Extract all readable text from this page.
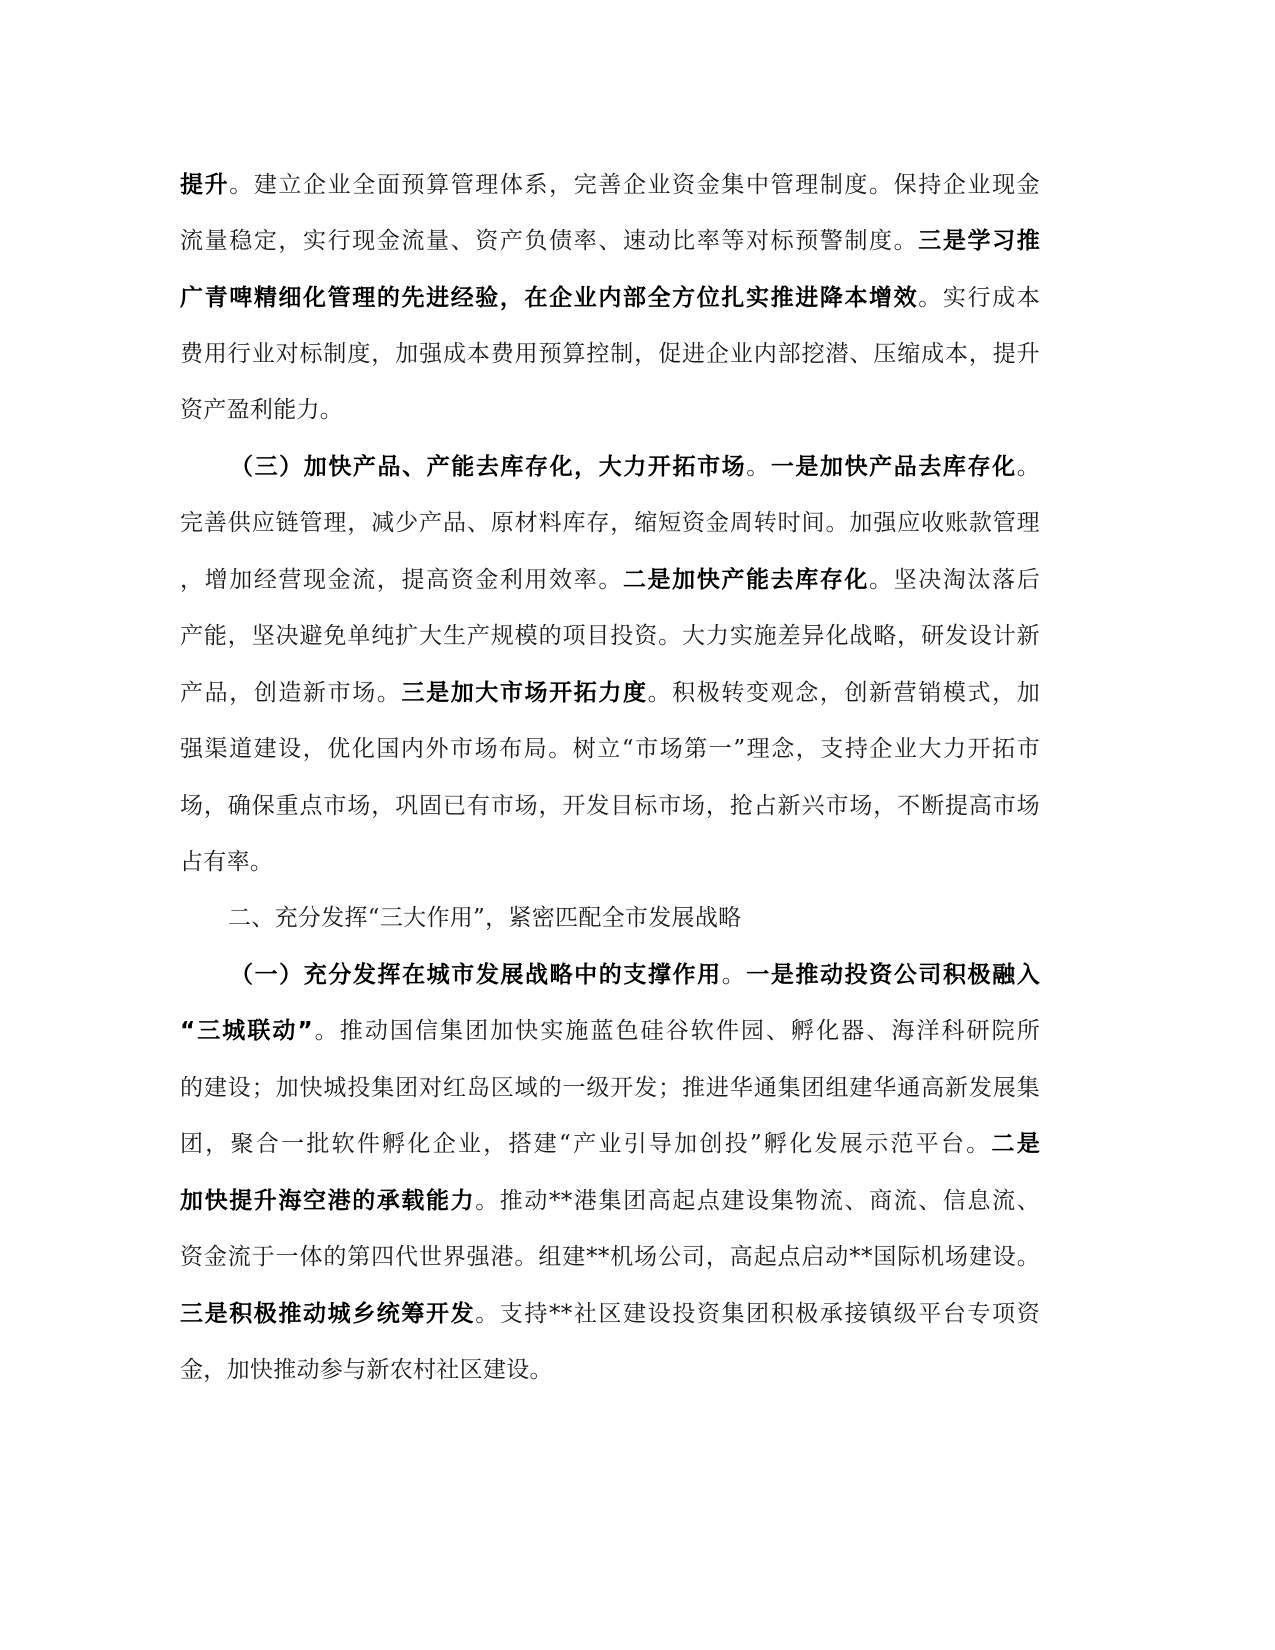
提升。建立企业全面预算管理体系，完善企业资金集中管理制度。保持企业现金
流量稳定，实行现金流量、资产负债率、速动比率等对标预警制度。三是学习推
广青啤精细化管理的先进经验，在企业内部全方位扎实推进降本增效。实行成本
费用行业对标制度，加强成本费用预算控制，促进企业内部挖潜、压缩成本，提升
资产盈利能力。
（三）加快产品、产能去库存化，大力开拓市场。一是加快产品去库存化。
完善供应链管理，减少产品、原材料库存，缩短资金周转时间。加强应收账款管理
，增加经营现金流，提高资金利用效率。二是加快产能去库存化。坚决淘汰落后
产能，坚决避免单纯扩大生产规模的项目投资。大力实施差异化战略，研发设计新
产品，创造新市场。三是加大市场开拓力度。积极转变观念，创新营销模式，加
强渠道建设，优化国内外市场布局。树立“市场第一”理念，支持企业大力开拓市
场，确保重点市场，巩固已有市场，开发目标市场，抢占新兴市场，不断提高市场
占有率。
二、充分发挥“三大作用”，紧密匹配全市发展战略
（一）充分发挥在城市发展战略中的支撑作用。一是推动投资公司积极融入
“三城联动”。推动国信集团加快实施蓝色硅谷软件园、孵化器、海洋科研院所
的建设；加快城投集团对红岛区域的一级开发；推进华通集团组建华通高新发展集
团，聚合一批软件孵化企业，搭建“产业引导加创投”孵化发展示范平台。二是
加快提升海空港的承载能力。推动**港集团高起点建设集物流、商流、信息流、
资金流于一体的第四代世界强港。组建**机场公司，高起点启动**国际机场建设。
三是积极推动城乡统筹开发。支持**社区建设投资集团积极承接镇级平台专项资
金，加快推动参与新农村社区建设。
